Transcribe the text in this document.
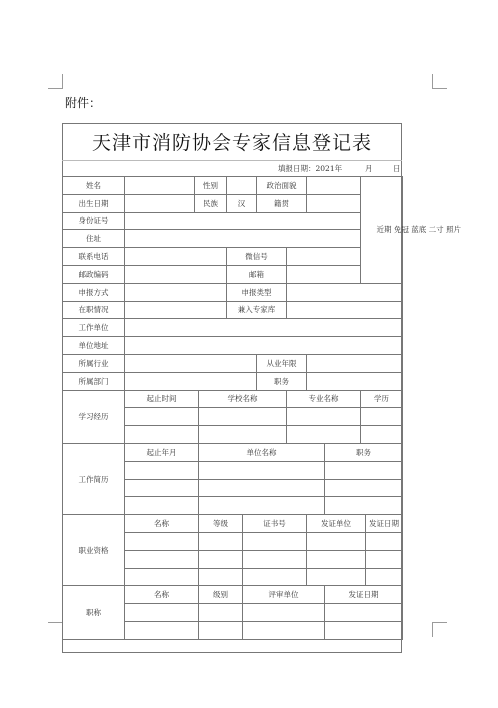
附件：
天津市消防协会专家信息登记表
填报日期：2021年	月	日
姓名		性别				政治面貌				近期 免冠 蓝底 二寸 照片	

出生日期		民族		汉		籍贯					
身份证号											
住址											
联系电话				微信号							
邮政编码				邮箱							
申报方式				申报类型							
在职情况				兼入专家库							
工作单位											
单位地址											
所属行业						从业年限					
所属部门						职务					
学习经历	起止时间		学校名称				专业名称			学历	

工作简历	起止年月		单位名称						职务		

职业资格	名称		等级		证书号			发证单位			发证日期

职称	名称		级别		评审单位				发证日期		
